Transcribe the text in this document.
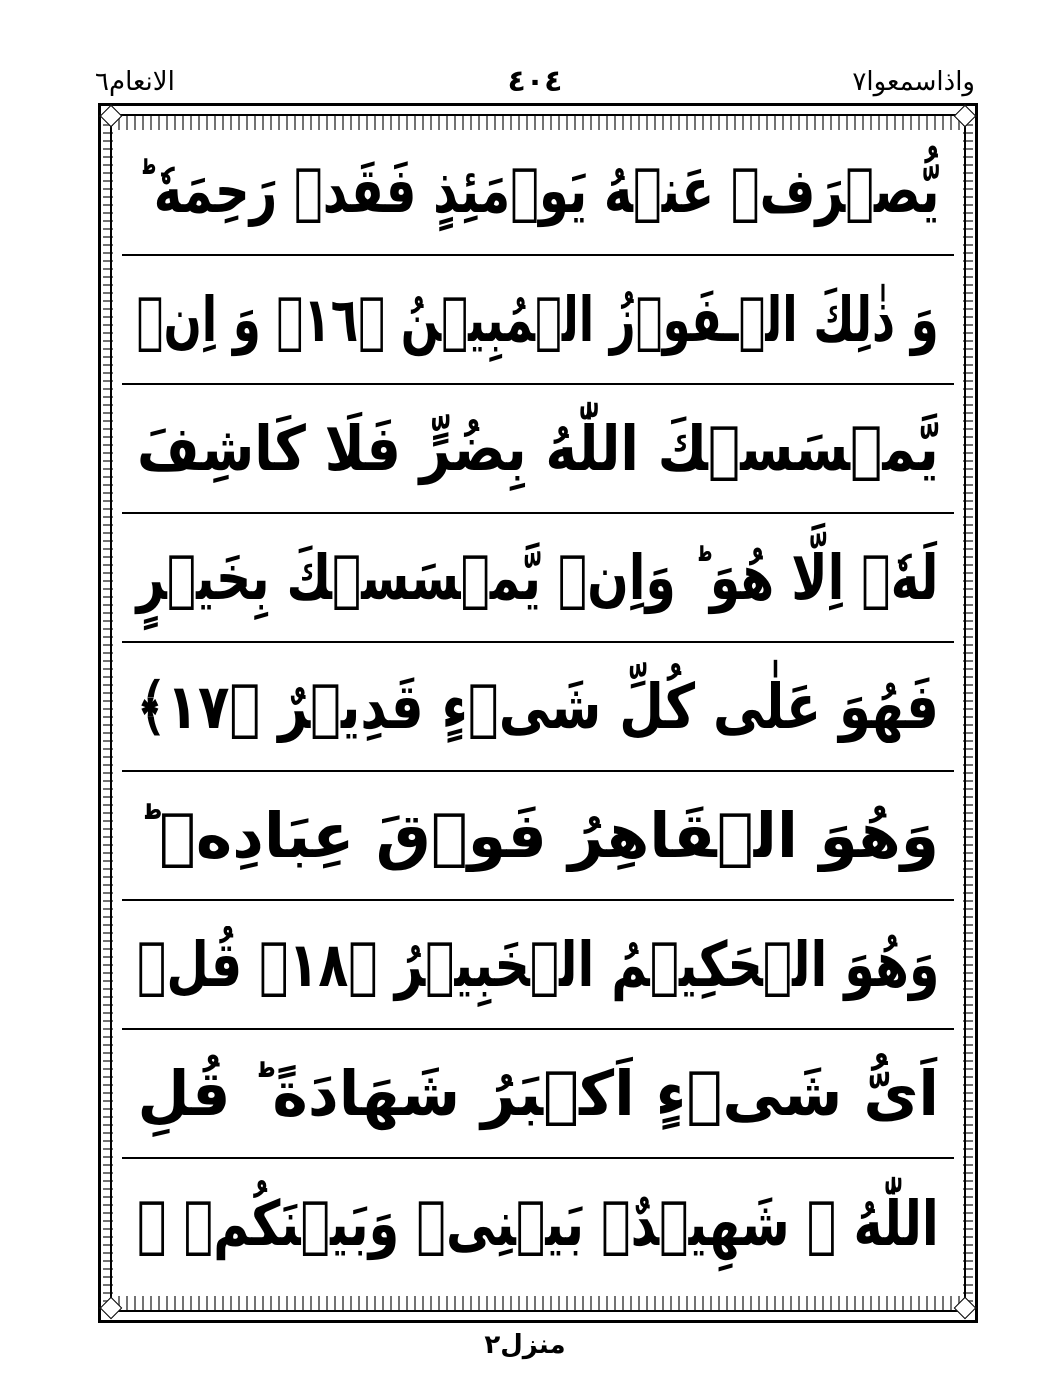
الانعام٦	٤٠٤	واذاسمعوا٧
يُّصۡرَفۡ عَنۡهُ يَوۡمَئِذٍ فَقَدۡ رَحِمَهٗ ؕ
وَ ذٰلِكَ الۡـفَوۡزُ الۡمُبِيۡنُ ﴿١٦﴾ وَ اِنۡ
يَّمۡسَسۡكَ اللّٰهُ بِضُرٍّ فَلَا كَاشِفَ
لَهٗۤ اِلَّا هُوَ ؕ وَاِنۡ يَّمۡسَسۡكَ بِخَيۡرٍ
فَهُوَ عَلٰى كُلِّ شَىۡءٍ قَدِيۡرٌ ﴿١٧﴾
وَهُوَ الۡقَاهِرُ فَوۡقَ عِبَادِهٖ ؕ
وَهُوَ الۡحَكِيۡمُ الۡخَبِيۡرُ ﴿١٨﴾ قُلۡ
اَىُّ شَىۡءٍ اَكۡبَرُ شَهَادَةً ؕ قُلِ
اللّٰهُ ۙ شَهِيۡدٌۢ بَيۡنِىۡ وَبَيۡنَكُمۡ ۚ
منزل٢
